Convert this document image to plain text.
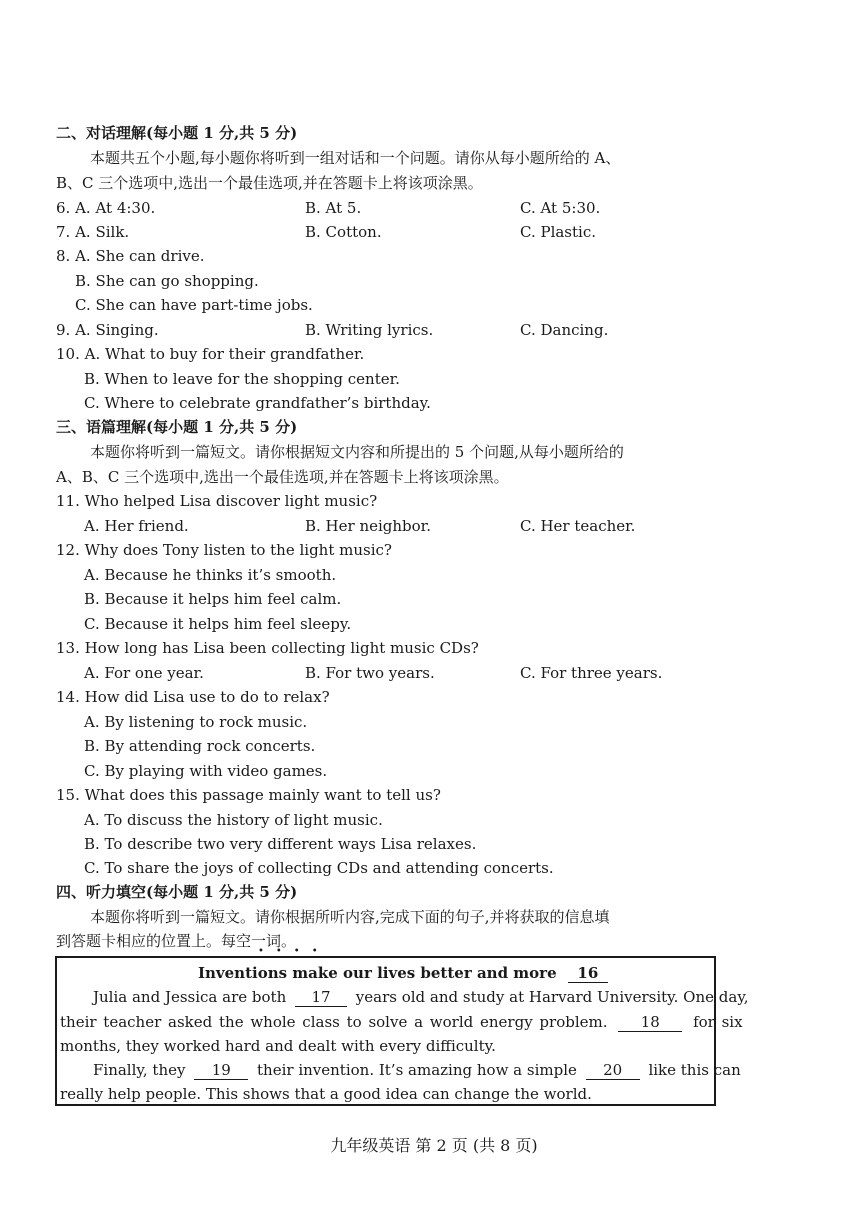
二、对话理解(每小题 1 分,共 5 分)
本题共五个小题,每小题你将听到一组对话和一个问题。请你从每小题所给的 A、
B、C 三个选项中,选出一个最佳选项,并在答题卡上将该项涂黑。
6. A. At 4:30.	B. At 5.	C. At 5:30.
7. A. Silk.	B. Cotton.	C. Plastic.
8. A. She can drive.
B. She can go shopping.
C. She can have part-time jobs.
9. A. Singing.	B. Writing lyrics.	C. Dancing.
10. A. What to buy for their grandfather.
B. When to leave for the shopping center.
C. Where to celebrate grandfather’s birthday.
三、语篇理解(每小题 1 分,共 5 分)
本题你将听到一篇短文。请你根据短文内容和所提出的 5 个问题,从每小题所给的
A、B、C 三个选项中,选出一个最佳选项,并在答题卡上将该项涂黑。
11. Who helped Lisa discover light music?
A. Her friend.	B. Her neighbor.	C. Her teacher.
12. Why does Tony listen to the light music?
A. Because he thinks it’s smooth.
B. Because it helps him feel calm.
C. Because it helps him feel sleepy.
13. How long has Lisa been collecting light music CDs?
A. For one year.	B. For two years.	C. For three years.
14. How did Lisa use to do to relax?
A. By listening to rock music.
B. By attending rock concerts.
C. By playing with video games.
15. What does this passage mainly want to tell us?
A. To discuss the history of light music.
B. To describe two very different ways Lisa relaxes.
C. To share the joys of collecting CDs and attending concerts.
四、听力填空(每小题 1 分,共 5 分)
本题你将听到一篇短文。请你根据所听内容,完成下面的句子,并将获取的信息填
到答题卡相应的位置上。每空一词。
••••
Inventions make our lives better and more 16
Julia and Jessica are both 17 years old and study at Harvard University. One day,
their teacher asked the whole class to solve a world energy problem. 18 for six
months, they worked hard and dealt with every difficulty.
Finally, they 19 their invention. It’s amazing how a simple 20 like this can
really help people. This shows that a good idea can change the world.
九年级英语 第 2 页 (共 8 页)
